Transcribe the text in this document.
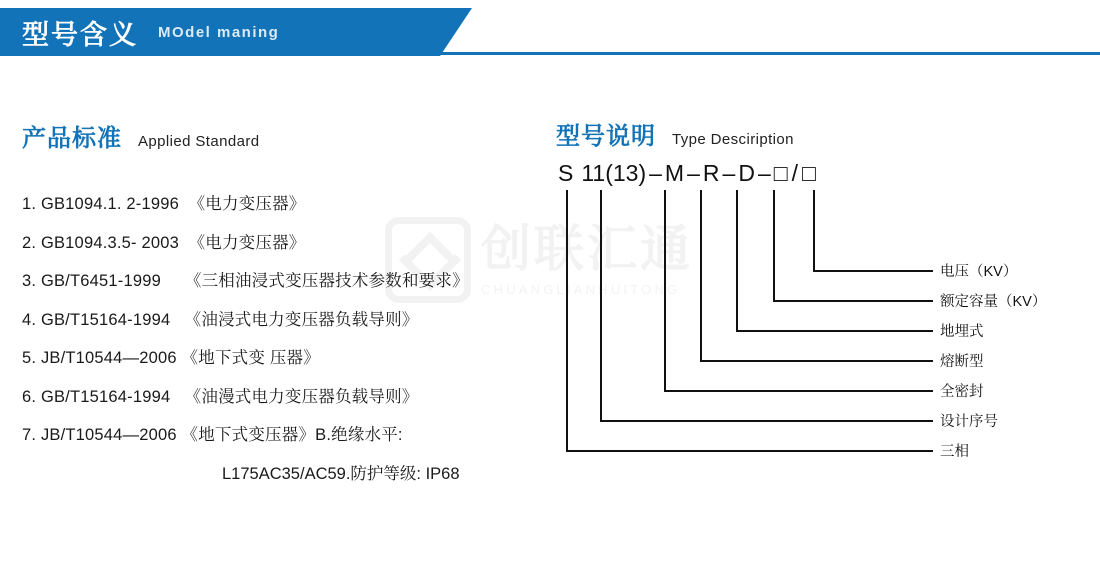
型号含义 MOdel maning
创联汇通
CHUANGLIANHUITONG
产品标准 Applied Standard
1. GB1094.1. 2-1996  《电力变压器》
2. GB1094.3.5- 2003  《电力变压器》
3. GB/T6451-1999     《三相油浸式变压器技术参数和要求》
4. GB/T15164-1994   《油浸式电力变压器负载导则》
5. JB/T10544—2006 《地下式变 压器》
6. GB/T15164-1994   《油漫式电力变压器负载导则》
7. JB/T10544—2006 《地下式变压器》B.绝缘水平:
L175AC35/AC59.防护等级: IP68
型号说明 Type Desciription
S 11(13) – M – R – D – □ / □
电压（KV）
额定容量（KV）
地埋式
熔断型
全密封
设计序号
三相
